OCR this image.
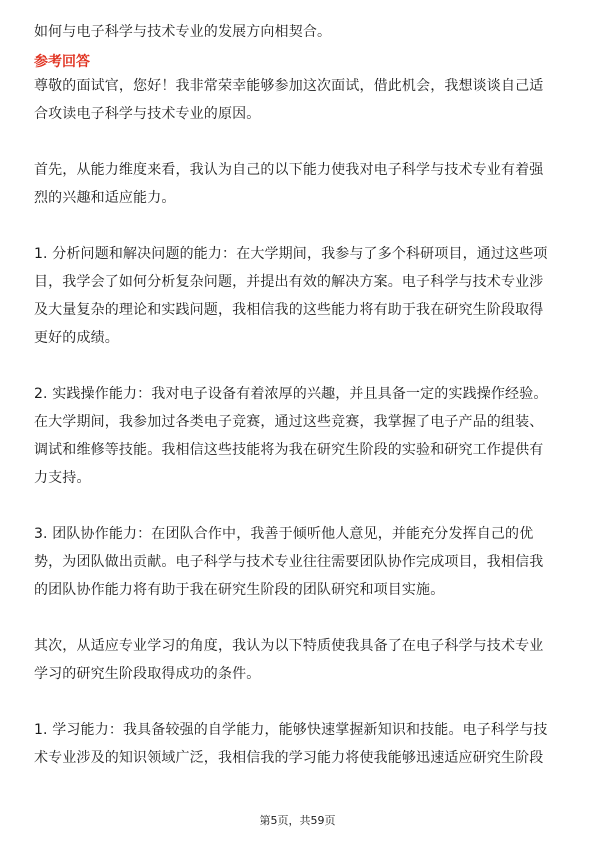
如何与电子科学与技术专业的发展方向相契合。
参考回答
尊敬的面试官，您好！我非常荣幸能够参加这次面试，借此机会，我想谈谈自己适
合攻读电子科学与技术专业的原因。
首先，从能力维度来看，我认为自己的以下能力使我对电子科学与技术专业有着强
烈的兴趣和适应能力。
1. 分析问题和解决问题的能力：在大学期间，我参与了多个科研项目，通过这些项
目，我学会了如何分析复杂问题，并提出有效的解决方案。电子科学与技术专业涉
及大量复杂的理论和实践问题，我相信我的这些能力将有助于我在研究生阶段取得
更好的成绩。
2. 实践操作能力：我对电子设备有着浓厚的兴趣，并且具备一定的实践操作经验。
在大学期间，我参加过各类电子竞赛，通过这些竞赛，我掌握了电子产品的组装、
调试和维修等技能。我相信这些技能将为我在研究生阶段的实验和研究工作提供有
力支持。
3. 团队协作能力：在团队合作中，我善于倾听他人意见，并能充分发挥自己的优
势，为团队做出贡献。电子科学与技术专业往往需要团队协作完成项目，我相信我
的团队协作能力将有助于我在研究生阶段的团队研究和项目实施。
其次，从适应专业学习的角度，我认为以下特质使我具备了在电子科学与技术专业
学习的研究生阶段取得成功的条件。
1. 学习能力：我具备较强的自学能力，能够快速掌握新知识和技能。电子科学与技
术专业涉及的知识领域广泛，我相信我的学习能力将使我能够迅速适应研究生阶段
第5页，共59页
